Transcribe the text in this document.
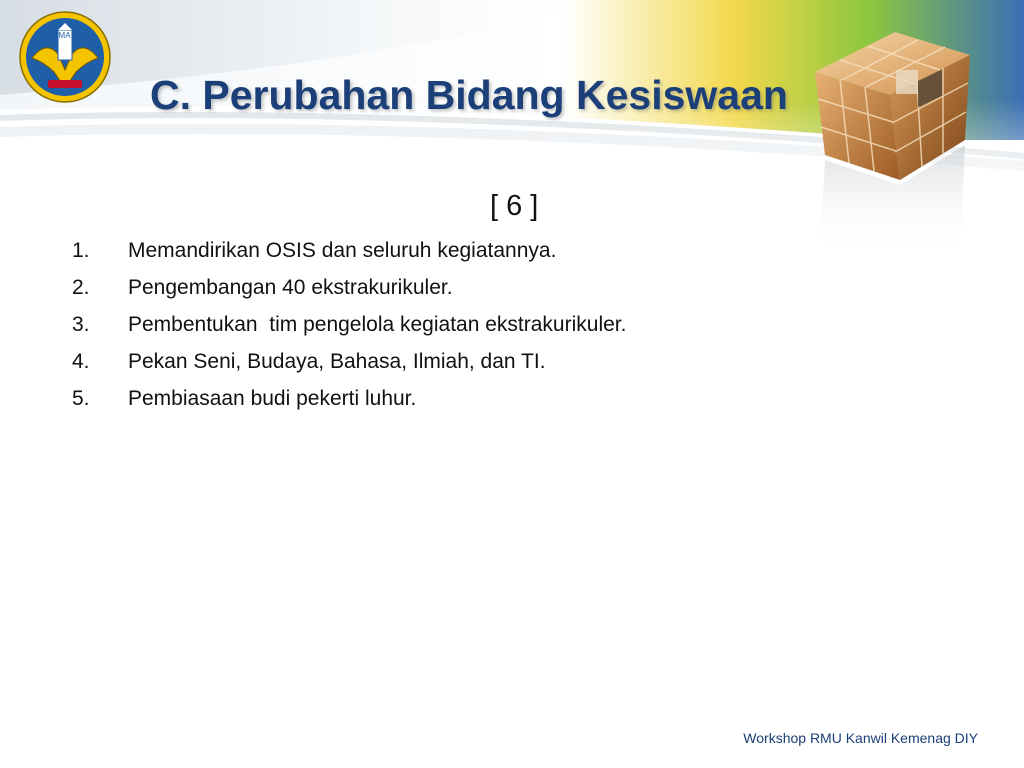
SMA 1
C. Perubahan Bidang Kesiswaan
[ 6 ]
1.	Memandirikan OSIS dan seluruh kegiatannya.
2.	Pengembangan 40 ekstrakurikuler.
3.	Pembentukan  tim pengelola kegiatan ekstrakurikuler.
4.	Pekan Seni, Budaya, Bahasa, Ilmiah, dan TI.
5.	Pembiasaan budi pekerti luhur.
Workshop RMU Kanwil Kemenag DIY
